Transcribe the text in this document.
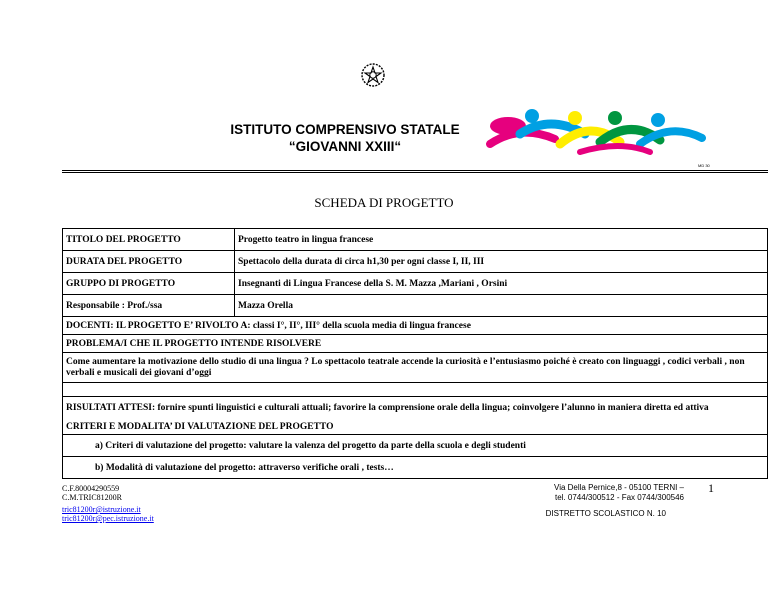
ISTITUTO COMPRENSIVO STATALE
“GIOVANNI XXIII“
MD 30
SCHEDA DI PROGETTO
TITOLO DEL PROGETTO	Progetto teatro in lingua francese
DURATA DEL PROGETTO	Spettacolo della durata di circa h1,30 per ogni classe I, II, III
GRUPPO DI PROGETTO	Insegnanti di Lingua Francese della S. M. Mazza ,Mariani , Orsini
Responsabile : Prof./ssa	Mazza Orella
DOCENTI: IL PROGETTO E’ RIVOLTO A: classi I°, II°, III° della scuola media di lingua francese	
PROBLEMA/I CHE IL PROGETTO INTENDE RISOLVERE	
Come aumentare la motivazione dello studio di una lingua ? Lo spettacolo teatrale accende la curiosità e l’entusiasmo poiché è creato con linguaggi , codici verbali , non verbali e musicali dei giovani d’oggi	

RISULTATI ATTESI: fornire spunti linguistici e culturali attuali; favorire la comprensione orale della lingua; coinvolgere l’alunno in maniera diretta ed attiva	
CRITERI E MODALITA’ DI VALUTAZIONE DEL PROGETTO	
a) Criteri di valutazione del progetto: valutare la valenza del progetto da parte della scuola e degli studenti	
b) Modalità di valutazione del progetto: attraverso verifiche orali , tests…	
C.F.80004290559
C.M.TRIC81200R
tric81200r@istruzione.it
tric81200r@pec.istruzione.it
Via Della Pernice,8 - 05100 TERNI –
tel. 0744/300512 - Fax 0744/300546
DISTRETTO SCOLASTICO N. 10
1
